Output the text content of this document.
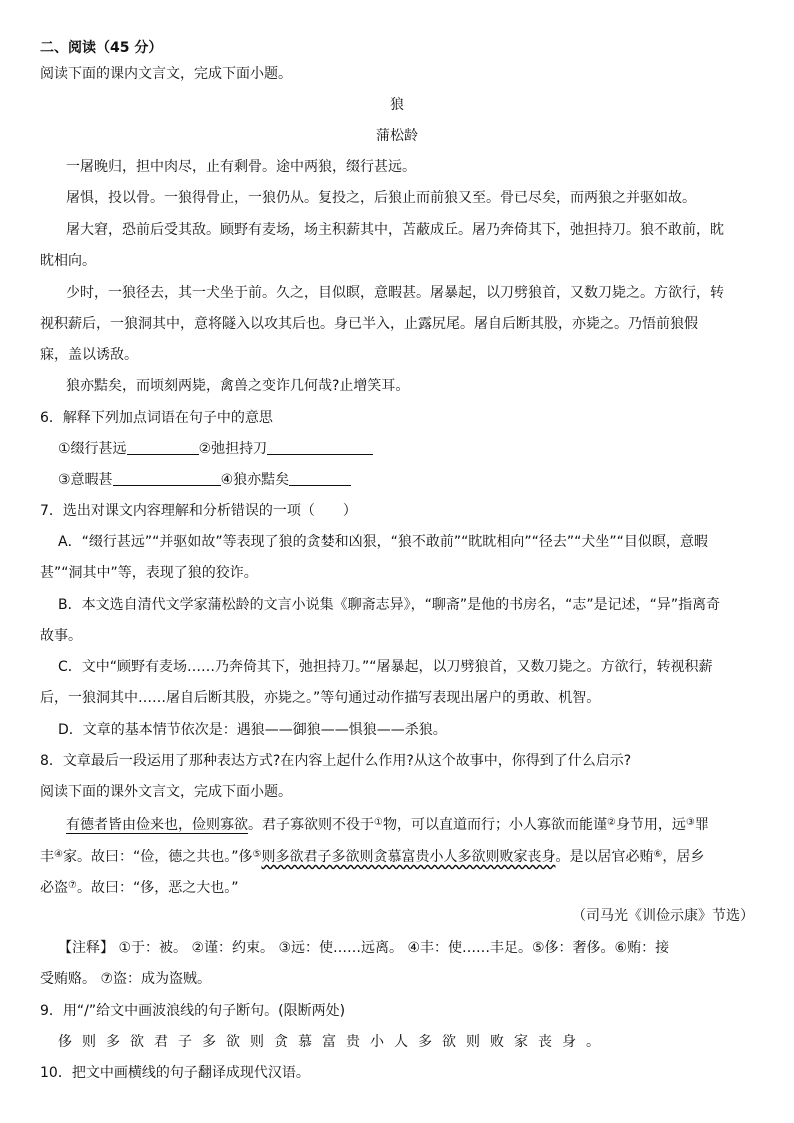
二、阅读（45 分）
阅读下面的课内文言文，完成下面小题。
狼
蒲松龄
一屠晚归，担中肉尽，止有剩骨。途中两狼，缀行甚远。
屠惧，投以骨。一狼得骨止，一狼仍从。复投之，后狼止而前狼又至。骨已尽矣，而两狼之并驱如故。
屠大窘，恐前后受其敌。顾野有麦场，场主积薪其中，苫蔽成丘。屠乃奔倚其下，弛担持刀。狼不敢前，眈
眈相向。
少时，一狼径去，其一犬坐于前。久之，目似瞑，意暇甚。屠暴起，以刀劈狼首，又数刀毙之。方欲行，转
视积薪后，一狼洞其中，意将隧入以攻其后也。身已半入，止露尻尾。屠自后断其股，亦毙之。乃悟前狼假
寐，盖以诱敌。
狼亦黠矣，而顷刻两毙，禽兽之变诈几何哉?止增笑耳。
6．解释下列加点词语在句子中的意思
①缀行甚远	②弛担持刀
③意暇甚	④狼亦黠矣
7．选出对课文内容理解和分析错误的一项（　　）
A．“缀行甚远”“并驱如故”等表现了狼的贪婪和凶狠，“狼不敢前”“眈眈相向”“径去”“犬坐”“目似瞑，意暇
甚”“洞其中”等，表现了狼的狡诈。
B．本文选自清代文学家蒲松龄的文言小说集《聊斋志异》，“聊斋”是他的书房名，“志”是记述，“异”指离奇
故事。
C．文中“顾野有麦场……乃奔倚其下，弛担持刀。”“屠暴起，以刀劈狼首，又数刀毙之。方欲行，转视积薪
后，一狼洞其中……屠自后断其股，亦毙之。”等句通过动作描写表现出屠户的勇敢、机智。
D．文章的基本情节依次是：遇狼——御狼——惧狼——杀狼。
8．文章最后一段运用了那种表达方式?在内容上起什么作用?从这个故事中，你得到了什么启示?
阅读下面的课外文言文，完成下面小题。
有德者皆由俭来也，俭则寡欲。君子寡欲则不役于①物，可以直道而行；小人寡欲而能谨②身节用，远③罪
丰④家。故曰：“俭，德之共也。”侈⑤则多欲君子多欲则贪慕富贵小人多欲则败家丧身。是以居官必贿⑥，居乡
必盗⑦。故曰：“侈，恶之大也。”
（司马光《训俭示康》节选）
【注释】 ①于：被。 ②谨：约束。 ③远：使……远离。 ④丰：使……丰足。⑤侈：奢侈。⑥贿：接
受贿赂。 ⑦盗：成为盗贼。
9．用“/”给文中画波浪线的句子断句。(限断两处)
侈则多欲君子多欲则贪慕富贵小人多欲则败家丧身。
10．把文中画横线的句子翻译成现代汉语。
